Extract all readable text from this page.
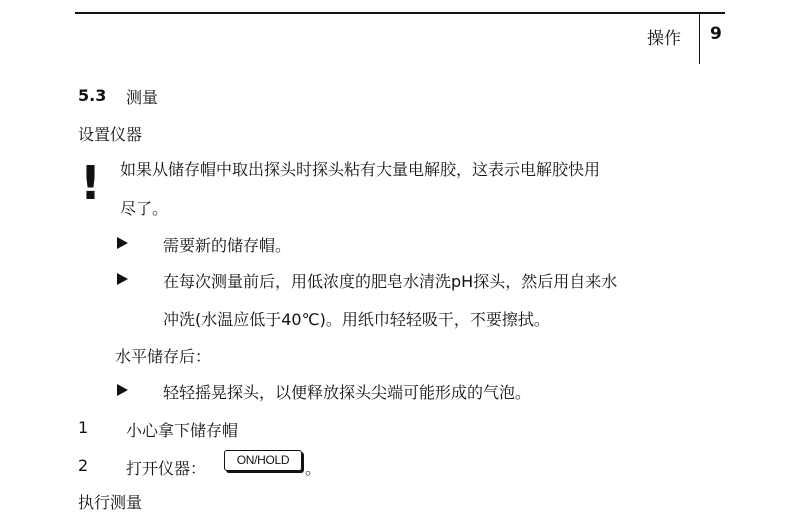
操作 9
5.3 测量
设置仪器
! 如果从储存帽中取出探头时探头粘有大量电解胶，这表示电解胶快用
尽了。
需要新的储存帽。
在每次测量前后，用低浓度的肥皂水清洗pH探头，然后用自来水
冲洗(水温应低于40℃)。用纸巾轻轻吸干，不要擦拭。
水平储存后：
轻轻摇晃探头，以便释放探头尖端可能形成的气泡。
1 小心拿下储存帽
2 打开仪器：	ON/HOLD 。
执行测量
